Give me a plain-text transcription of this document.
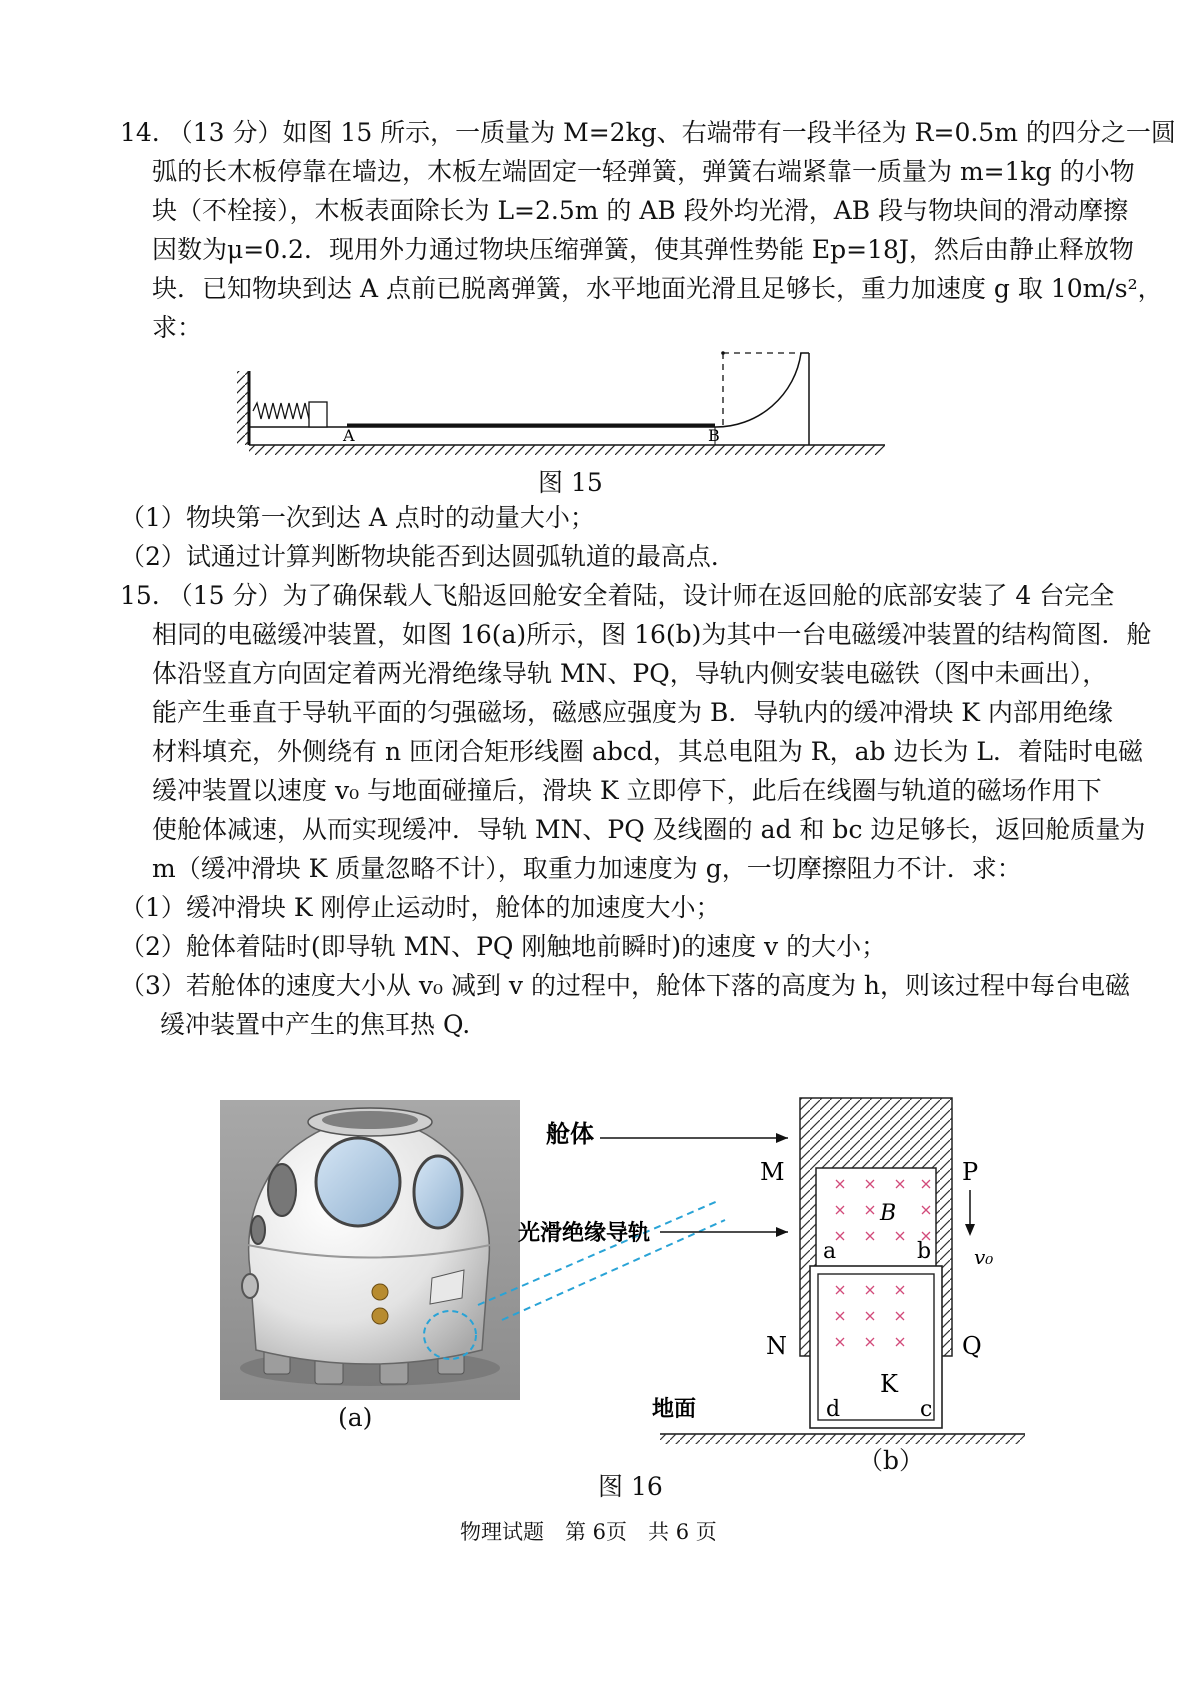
14. （13 分）如图 15 所示，一质量为 M=2kg、右端带有一段半径为 R=0.5m 的四分之一圆
弧的长木板停靠在墙边，木板左端固定一轻弹簧，弹簧右端紧靠一质量为 m=1kg 的小物
块（不栓接），木板表面除长为 L=2.5m 的 AB 段外均光滑，AB 段与物块间的滑动摩擦
因数为μ=0.2．现用外力通过物块压缩弹簧，使其弹性势能 Ep=18J，然后由静止释放物
块．已知物块到达 A 点前已脱离弹簧，水平地面光滑且足够长，重力加速度 g 取 10m/s²，
求：
A	B
图 15
（1）物块第一次到达 A 点时的动量大小；
（2）试通过计算判断物块能否到达圆弧轨道的最高点．
15. （15 分）为了确保载人飞船返回舱安全着陆，设计师在返回舱的底部安装了 4 台完全
相同的电磁缓冲装置，如图 16(a)所示，图 16(b)为其中一台电磁缓冲装置的结构简图．舱
体沿竖直方向固定着两光滑绝缘导轨 MN、PQ，导轨内侧安装电磁铁（图中未画出），
能产生垂直于导轨平面的匀强磁场，磁感应强度为 B．导轨内的缓冲滑块 K 内部用绝缘
材料填充，外侧绕有 n 匝闭合矩形线圈 abcd，其总电阻为 R，ab 边长为 L．着陆时电磁
缓冲装置以速度 v₀ 与地面碰撞后，滑块 K 立即停下，此后在线圈与轨道的磁场作用下
使舱体减速，从而实现缓冲．导轨 MN、PQ 及线圈的 ad 和 bc 边足够长，返回舱质量为
m（缓冲滑块 K 质量忽略不计），取重力加速度为 g，一切摩擦阻力不计．求：
（1）缓冲滑块 K 刚停止运动时，舱体的加速度大小；
（2）舱体着陆时(即导轨 MN、PQ 刚触地前瞬时)的速度 v 的大小；
（3）若舱体的速度大小从 v₀ 减到 v 的过程中，舱体下落的高度为 h，则该过程中每台电磁
缓冲装置中产生的焦耳热 Q.
(a)
舱体
光滑绝缘导轨
地面
M	P
N	Q
a	b
d	c
K
B
v₀
（b）
图 16
物理试题　第 6页　共 6 页
